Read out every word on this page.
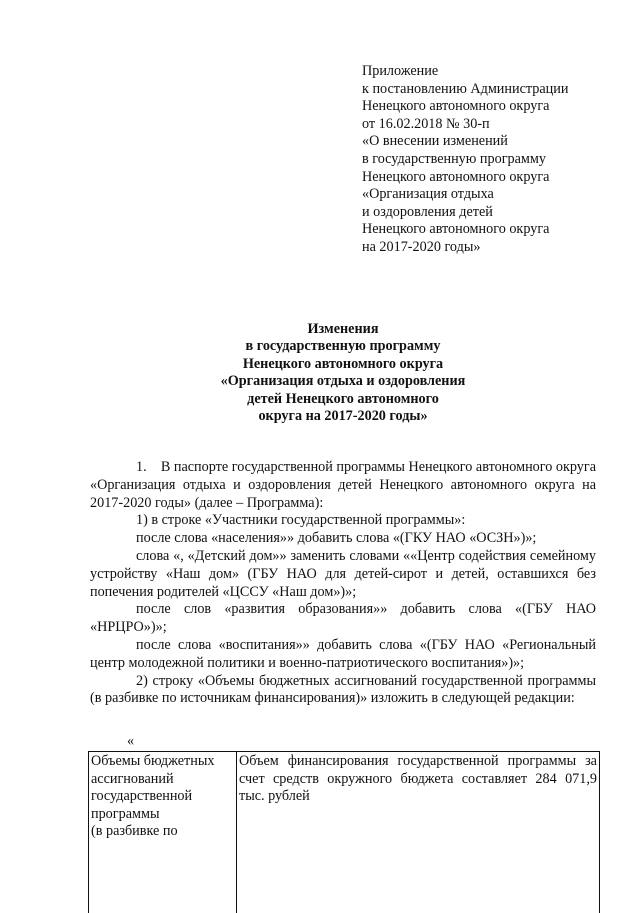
Приложение
к постановлению Администрации
Ненецкого автономного округа
от 16.02.2018 № 30-п
«О внесении изменений
в государственную программу
Ненецкого автономного округа
«Организация отдыха
и оздоровления детей
Ненецкого автономного округа
на 2017-2020 годы»
Изменения
в государственную программу
Ненецкого автономного округа
«Организация отдыха и оздоровления
детей Ненецкого автономного
округа на 2017-2020 годы»

1. В паспорте государственной программы Ненецкого автономного округа «Организация отдыха и оздоровления детей Ненецкого автономного округа на 2017-2020 годы» (далее – Программа):

1) в строке «Участники государственной программы»:

после слова «населения»» добавить слова «(ГКУ НАО «ОСЗН»)»;

слова «, «Детский дом»» заменить словами ««Центр содействия семейному устройству «Наш дом» (ГБУ НАО для детей-сирот и детей, оставшихся без попечения родителей «ЦССУ «Наш дом»)»;

после слов «развития образования»» добавить слова «(ГБУ НАО «НРЦРО»)»;

после слова «воспитания»» добавить слова «(ГБУ НАО «Региональный центр молодежной политики и военно-патриотического воспитания»)»;

2) строку «Объемы бюджетных ассигнований государственной программы (в разбивке по источникам финансирования)» изложить в следующей редакции:

«
Объемы бюджетных
ассигнований
государственной
программы
(в разбивке по
	Объем финансирования государственной программы за счет средств окружного бюджета составляет 284 071,9 тыс. рублей
